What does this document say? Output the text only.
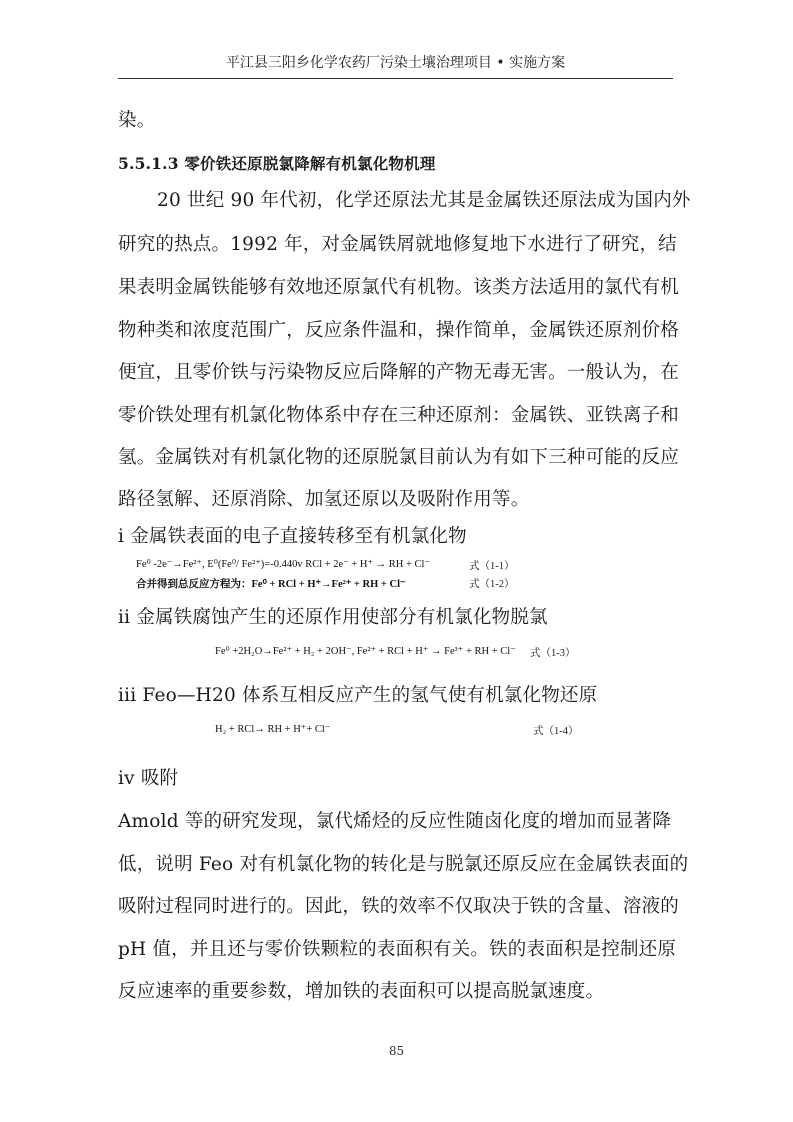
平江县三阳乡化学农药厂污染土壤治理项目 • 实施方案
染。
5.5.1.3 零价铁还原脱氯降解有机氯化物机理
20 世纪 90 年代初，化学还原法尤其是金属铁还原法成为国内外
研究的热点。1992 年，对金属铁屑就地修复地下水进行了研究，结
果表明金属铁能够有效地还原氯代有机物。该类方法适用的氯代有机
物种类和浓度范围广，反应条件温和，操作简单，金属铁还原剂价格
便宜，且零价铁与污染物反应后降解的产物无毒无害。一般认为，在
零价铁处理有机氯化物体系中存在三种还原剂：金属铁、亚铁离子和
氢。金属铁对有机氯化物的还原脱氯目前认为有如下三种可能的反应
路径氢解、还原消除、加氢还原以及吸附作用等。
i 金属铁表面的电子直接转移至有机氯化物
Fe⁰ -2e⁻→Fe²⁺, E⁰(Fe⁰/ Fe²⁺)=-0.440v RCl + 2e⁻ + H⁺ → RH + Cl⁻	式（1-1）
合并得到总反应方程为：Fe⁰ + RCl + H⁺→Fe²⁺ + RH + Cl⁻	式（1-2）
ii 金属铁腐蚀产生的还原作用使部分有机氯化物脱氯
Fe⁰ +2H₂O→Fe²⁺ + H₂ + 2OH⁻, Fe²⁺ + RCl + H⁺ → Fe³⁺ + RH + Cl⁻ 式（1-3）
iii Feo—H20 体系互相反应产生的氢气使有机氯化物还原
H₂ + RCl→ RH + H⁺+ Cl⁻	式（1-4）
iv 吸附
Amold 等的研究发现，氯代烯烃的反应性随卤化度的增加而显著降
低，说明 Feo 对有机氯化物的转化是与脱氯还原反应在金属铁表面的
吸附过程同时进行的。因此，铁的效率不仅取决于铁的含量、溶液的
pH 值，并且还与零价铁颗粒的表面积有关。铁的表面积是控制还原
反应速率的重要参数，增加铁的表面积可以提高脱氯速度。
85
